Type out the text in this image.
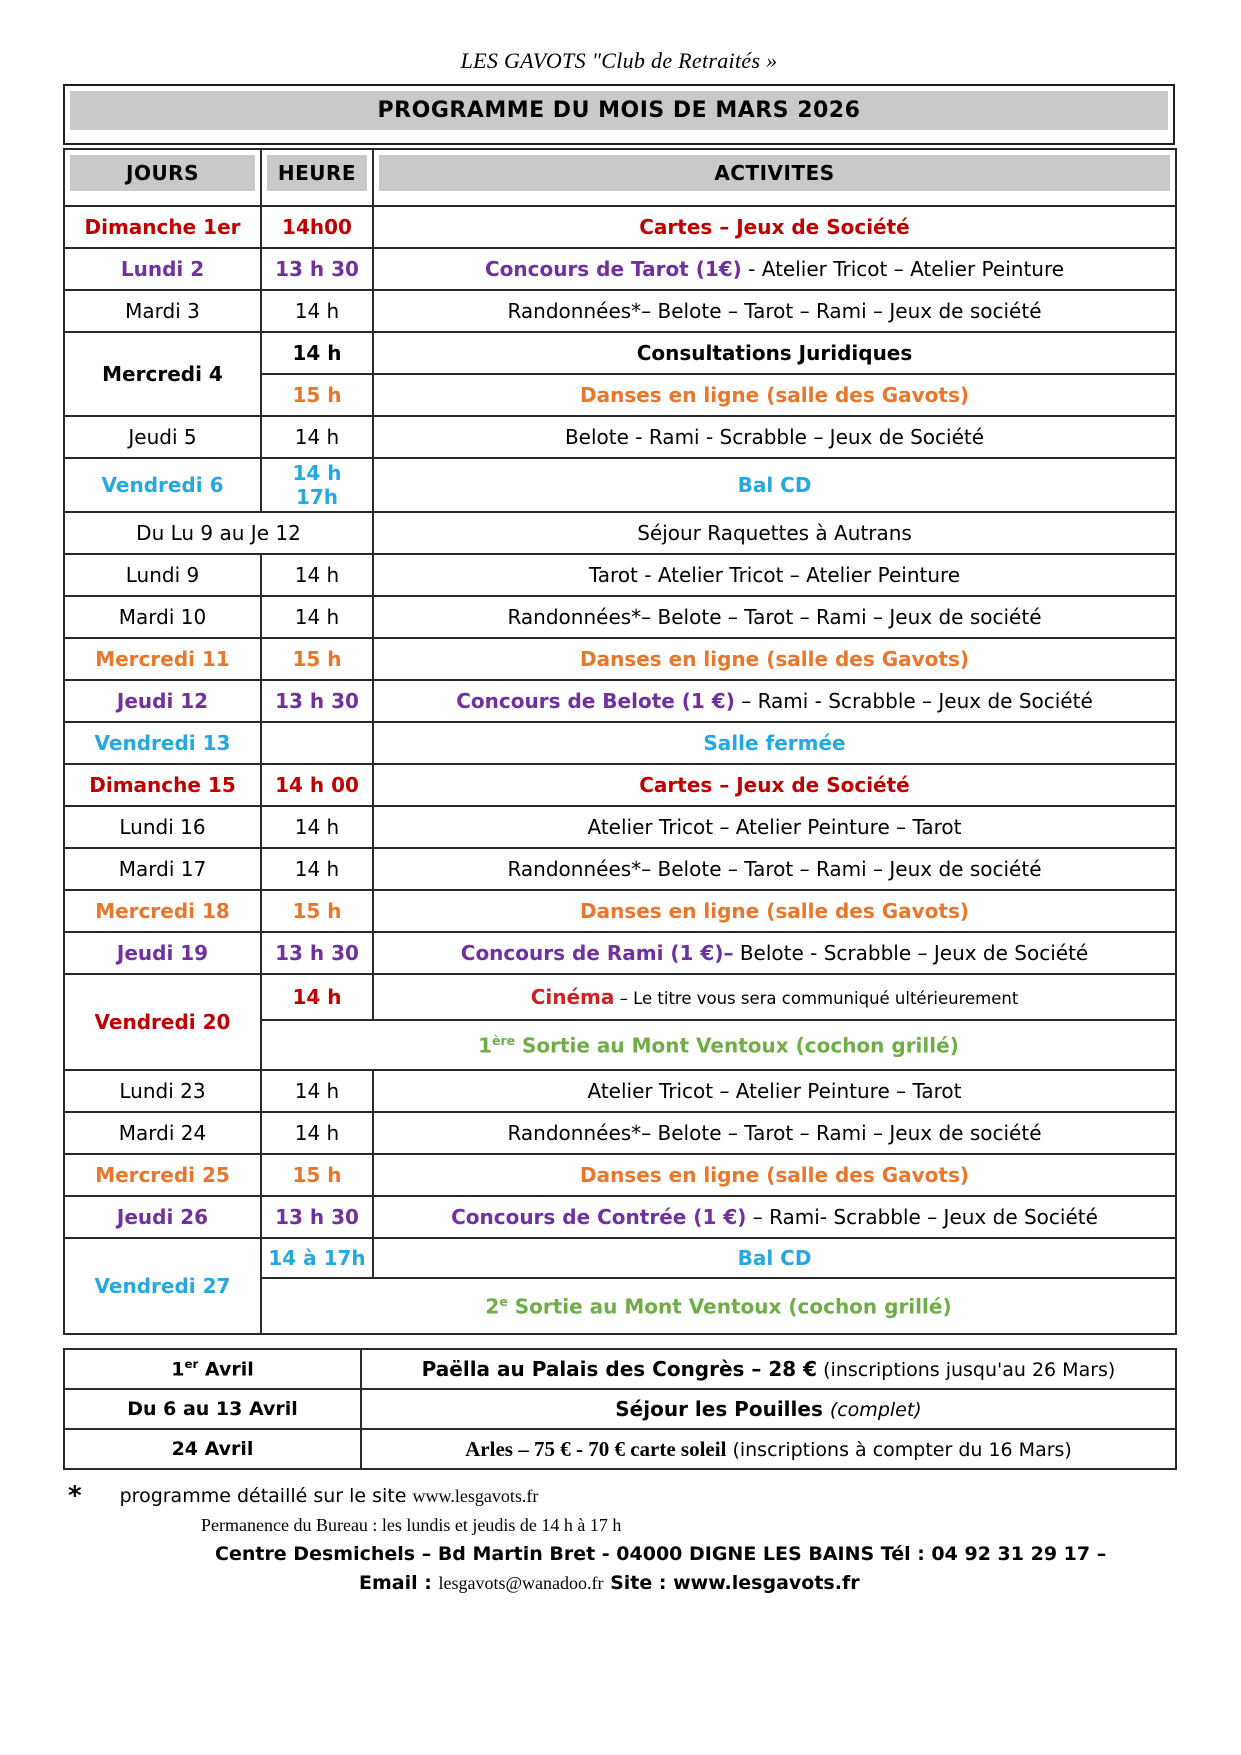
LES GAVOTS "Club de Retraités »
PROGRAMME DU MOIS DE MARS 2026
JOURS	HEURE	ACTIVITES

Dimanche 1er	14h00	Cartes – Jeux de Société
Lundi 2	13 h 30	Concours de Tarot (1€) - Atelier Tricot – Atelier Peinture
Mardi 3	14 h	Randonnées*– Belote – Tarot – Rami – Jeux de société
Mercredi 4	14 h	Consultations Juridiques
	15 h	Danses en ligne (salle des Gavots)
Jeudi 5	14 h	Belote - Rami - Scrabble – Jeux de Société
Vendredi 6	14 h 17h	Bal CD
Du Lu 9 au Je 12		Séjour Raquettes à Autrans
Lundi 9	14 h	Tarot - Atelier Tricot – Atelier Peinture
Mardi 10	14 h	Randonnées*– Belote – Tarot – Rami – Jeux de société
Mercredi 11	15 h	Danses en ligne (salle des Gavots)
Jeudi 12	13 h 30	Concours de Belote (1 €) – Rami - Scrabble – Jeux de Société
Vendredi 13		Salle fermée
Dimanche 15	14 h 00	Cartes – Jeux de Société
Lundi 16	14 h	Atelier Tricot – Atelier Peinture – Tarot
Mardi 17	14 h	Randonnées*– Belote – Tarot – Rami – Jeux de société
Mercredi 18	15 h	Danses en ligne (salle des Gavots)
Jeudi 19	13 h 30	Concours de Rami (1 €)– Belote - Scrabble – Jeux de Société
Vendredi 20	14 h	Cinéma – Le titre vous sera communiqué ultérieurement
	1ère Sortie au Mont Ventoux (cochon grillé)	
Lundi 23	14 h	Atelier Tricot – Atelier Peinture – Tarot
Mardi 24	14 h	Randonnées*– Belote – Tarot – Rami – Jeux de société
Mercredi 25	15 h	Danses en ligne (salle des Gavots)
Jeudi 26	13 h 30	Concours de Contrée (1 €) – Rami- Scrabble – Jeux de Société
Vendredi 27	14 à 17h	Bal CD
	2e Sortie au Mont Ventoux (cochon grillé)	
1er Avril	Paëlla au Palais des Congrès – 28 € (inscriptions jusqu'au 26 Mars)
Du 6 au 13 Avril	Séjour les Pouilles (complet)
24 Avril	Arles – 75 € - 70 € carte soleil (inscriptions à compter du 16 Mars)
* programme détaillé sur le site www.lesgavots.fr
Permanence du Bureau : les lundis et jeudis de 14 h à 17 h
Centre Desmichels – Bd Martin Bret - 04000 DIGNE LES BAINS Tél : 04 92 31 29 17 –
Email : lesgavots@wanadoo.fr Site : www.lesgavots.fr
